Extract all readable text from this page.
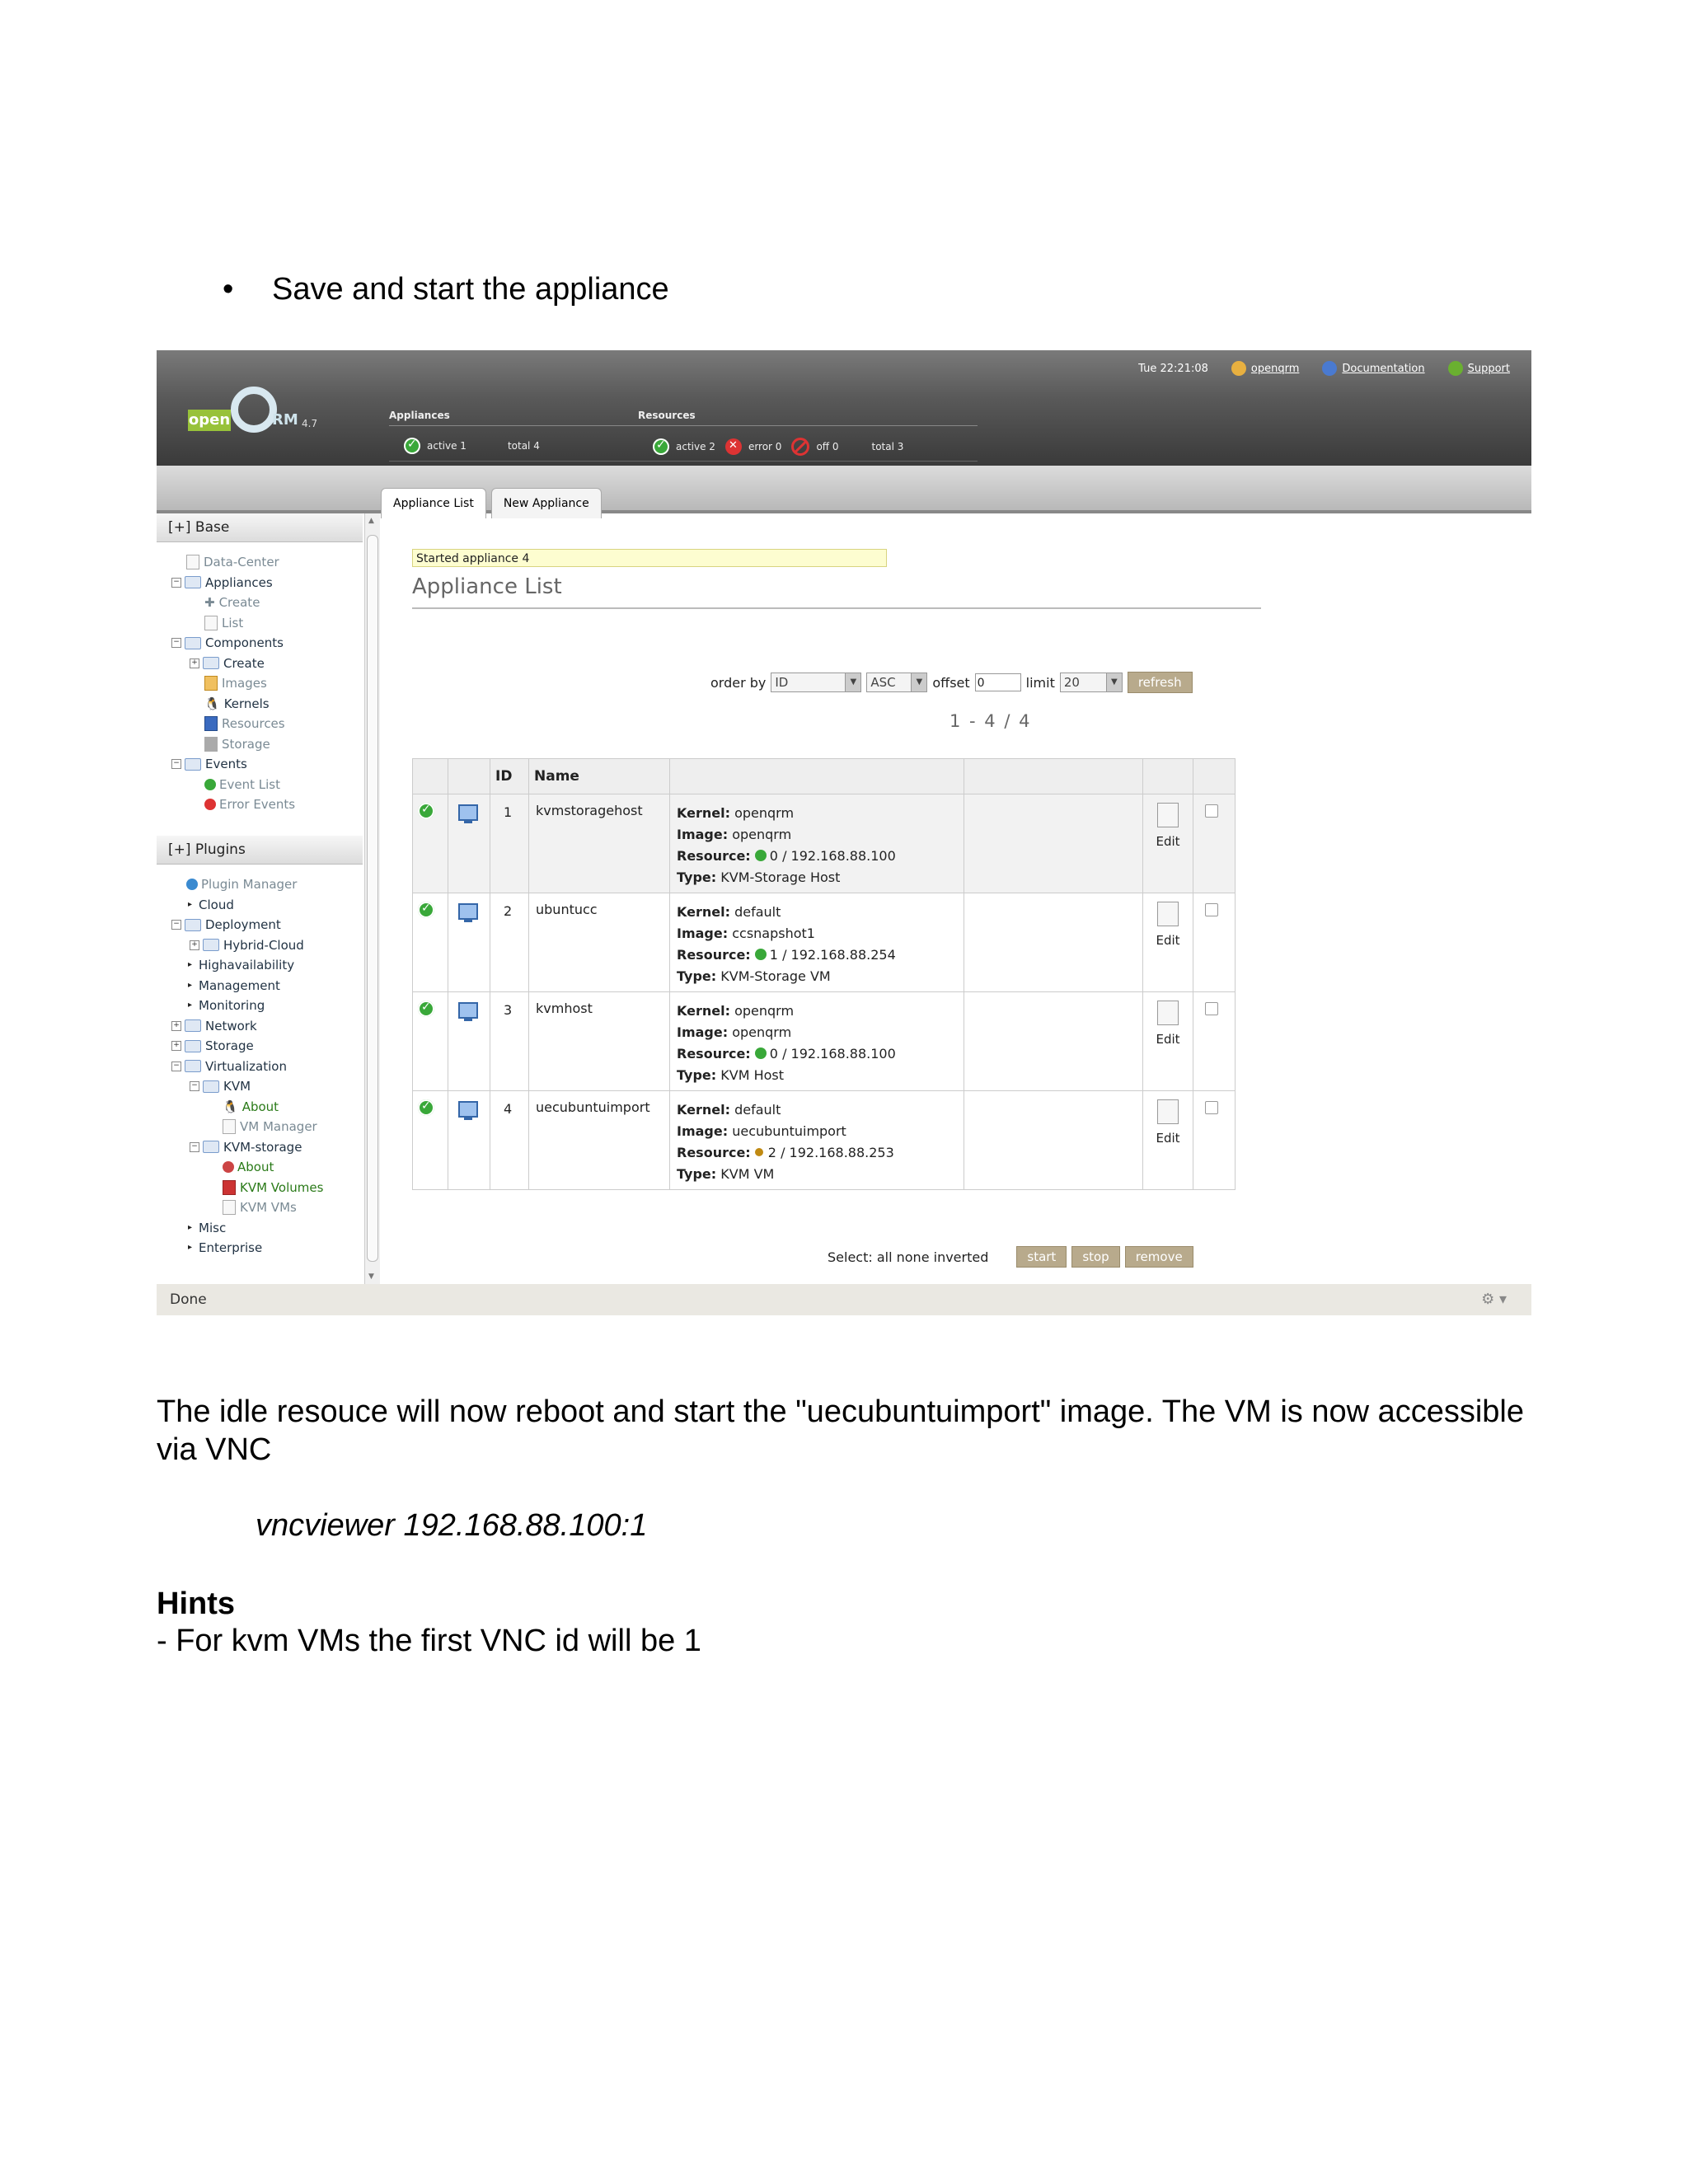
• Save and start the appliance
Tue 22:21:08	openqrm	Documentation	Support
open	RM 4.7
Appliances
✓
active 1	total 4
Resources
✓
active 2 ✕	error 0	off 0	total 3
Appliance List	New Appliance
[+] Base
Data-Center
− Appliances
✚ Create
List
− Components
+ Create
Images
🐧 Kernels
Resources
Storage
− Events
Event List
Error Events
[+] Plugins
Plugin Manager
▸ Cloud
− Deployment
+ Hybrid-Cloud
▸ Highavailability
▸ Management
▸ Monitoring
+ Network
+ Storage
− Virtualization
− KVM
🐧 About
VM Manager
− KVM-storage
About
KVM Volumes
KVM VMs
▸ Misc
▸ Enterprise
▲
▼
Started appliance 4
Appliance List
order by ID	▼	ASC	▼ offset 0	limit 20	▼	refresh
1 - 4 / 4
		ID	Name				

✓

1	kvmstoragehost	Kernel: openqrm
Image: openqrm
Resource: 0 / 192.168.88.100
Type: KVM-Storage Host		Edit	

✓

2	ubuntucc	Kernel: default
Image: ccsnapshot1
Resource: 1 / 192.168.88.254
Type: KVM-Storage VM		Edit	

✓

3	kvmhost	Kernel: openqrm
Image: openqrm
Resource: 0 / 192.168.88.100
Type: KVM Host		Edit	

✓

4	uecubuntuimport	Kernel: default
Image: uecubuntuimport
Resource: 2 / 192.168.88.253
Type: KVM VM		Edit	

Select: all none inverted	start	stop	remove
Done	⚙ ▾
The idle resouce will now reboot and start the "uecubuntuimport" image. The VM is now accessible via VNC
vncviewer 192.168.88.100:1
Hints
- For kvm VMs the first VNC id will be 1
